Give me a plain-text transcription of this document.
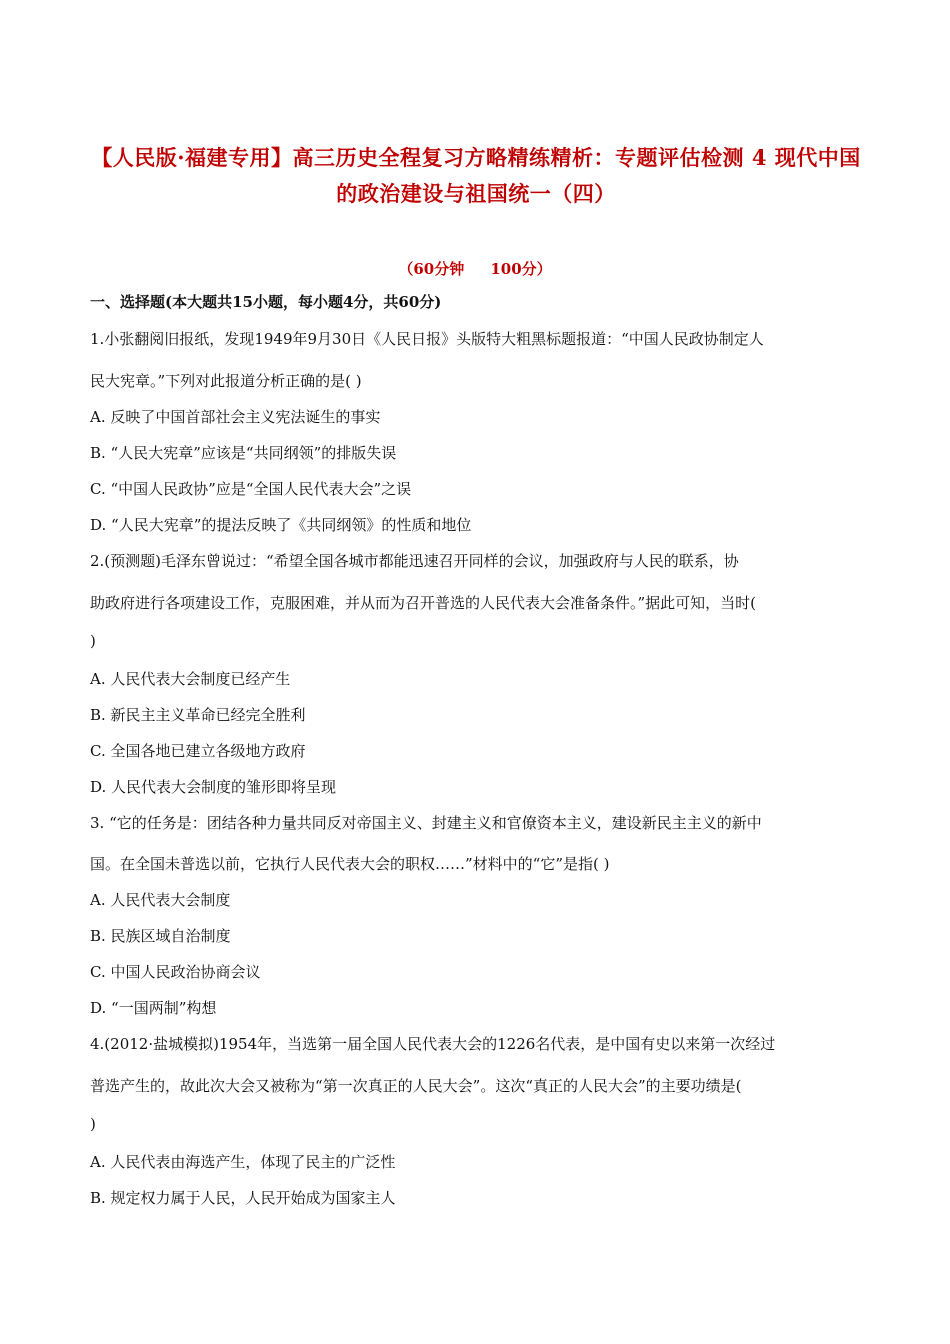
【人民版·福建专用】高三历史全程复习方略精练精析：专题评估检测 4 现代中国的政治建设与祖国统一（四）
（60分钟     100分）
一、选择题(本大题共15小题，每小题4分，共60分)
1.小张翻阅旧报纸，发现1949年9月30日《人民日报》头版特大粗黑标题报道：“中国人民政协制定人
民大宪章。”下列对此报道分析正确的是( )
A. 反映了中国首部社会主义宪法诞生的事实
B. “人民大宪章”应该是“共同纲领”的排版失误
C. “中国人民政协”应是“全国人民代表大会”之误
D. “人民大宪章”的提法反映了《共同纲领》的性质和地位
2.(预测题)毛泽东曾说过：“希望全国各城市都能迅速召开同样的会议，加强政府与人民的联系，协
助政府进行各项建设工作，克服困难，并从而为召开普选的人民代表大会准备条件。”据此可知，当时(
)
A. 人民代表大会制度已经产生
B. 新民主主义革命已经完全胜利
C. 全国各地已建立各级地方政府
D. 人民代表大会制度的雏形即将呈现
3. “它的任务是：团结各种力量共同反对帝国主义、封建主义和官僚资本主义，建设新民主主义的新中
国。在全国未普选以前，它执行人民代表大会的职权……”材料中的“它”是指( )
A. 人民代表大会制度
B. 民族区域自治制度
C. 中国人民政治协商会议
D. “一国两制”构想
4.(2012·盐城模拟)1954年，当选第一届全国人民代表大会的1226名代表，是中国有史以来第一次经过
普选产生的，故此次大会又被称为“第一次真正的人民大会”。这次“真正的人民大会”的主要功绩是(
)
A. 人民代表由海选产生，体现了民主的广泛性
B. 规定权力属于人民，人民开始成为国家主人
